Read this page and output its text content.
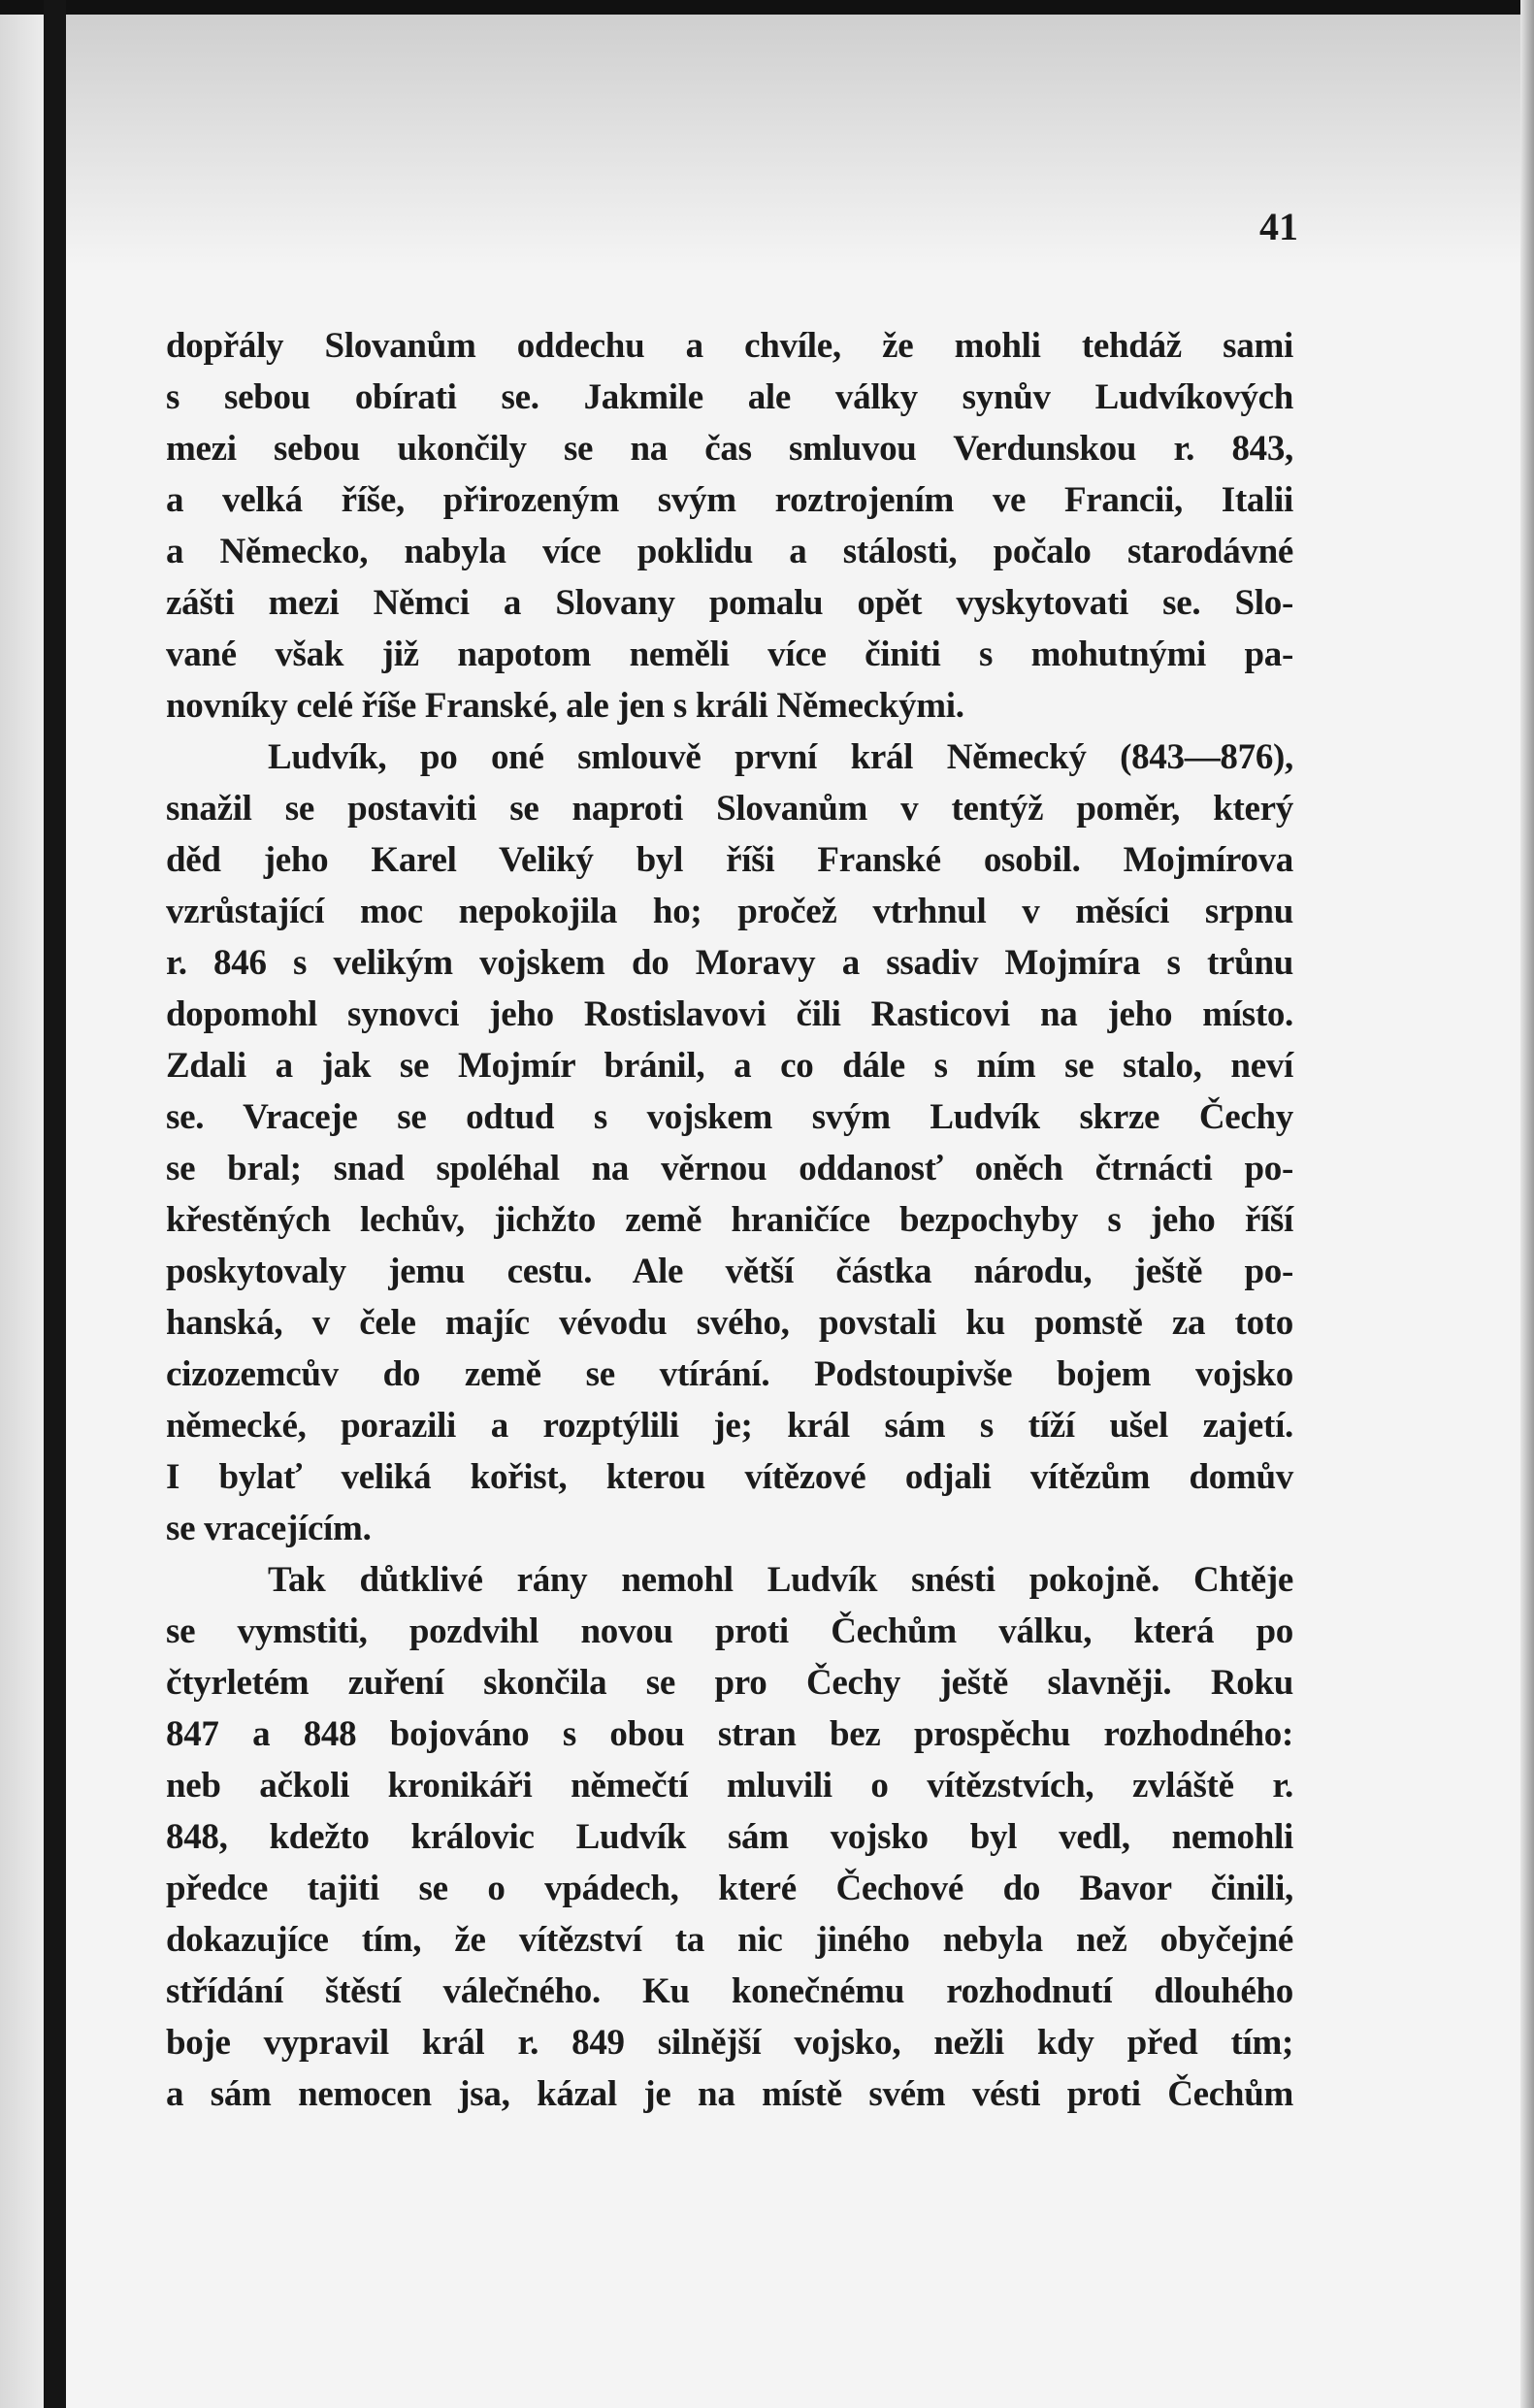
41
dopřály Slovanům oddechu a chvíle, že mohli tehdáž sami
s sebou obírati se. Jakmile ale války synův Ludvíkových
mezi sebou ukončily se na čas smluvou Verdunskou r. 843,
a velká říše, přirozeným svým roztrojením ve Francii, Italii
a Německo, nabyla více poklidu a stálosti, počalo starodávné
zášti mezi Němci a Slovany pomalu opět vyskytovati se. Slo-
vané však již napotom neměli více činiti s mohutnými pa-
novníky celé říše Franské, ale jen s králi Německými.
Ludvík, po oné smlouvě první král Německý (843—876),
snažil se postaviti se naproti Slovanům v tentýž poměr, který
děd jeho Karel Veliký byl říši Franské osobil. Mojmírova
vzrůstající moc nepokojila ho; pročež vtrhnul v měsíci srpnu
r. 846 s velikým vojskem do Moravy a ssadiv Mojmíra s trůnu
dopomohl synovci jeho Rostislavovi čili Rasticovi na jeho místo.
Zdali a jak se Mojmír bránil, a co dále s ním se stalo, neví
se. Vraceje se odtud s vojskem svým Ludvík skrze Čechy
se bral; snad spoléhal na věrnou oddanosť oněch čtrnácti po-
křestěných lechův, jichžto země hraničíce bezpochyby s jeho říší
poskytovaly jemu cestu. Ale větší částka národu, ještě po-
hanská, v čele majíc vévodu svého, povstali ku pomstě za toto
cizozemcův do země se vtírání. Podstoupivše bojem vojsko
německé, porazili a rozptýlili je; král sám s tíží ušel zajetí.
I bylať veliká kořist, kterou vítězové odjali vítězům domův
se vracejícím.
Tak důtklivé rány nemohl Ludvík snésti pokojně. Chtěje
se vymstiti, pozdvihl novou proti Čechům válku, která po
čtyrletém zuření skončila se pro Čechy ještě slavněji. Roku
847 a 848 bojováno s obou stran bez prospěchu rozhodného:
neb ačkoli kronikáři němečtí mluvili o vítězstvích, zvláště r.
848, kdežto královic Ludvík sám vojsko byl vedl, nemohli
předce tajiti se o vpádech, které Čechové do Bavor činili,
dokazujíce tím, že vítězství ta nic jiného nebyla než obyčejné
střídání štěstí válečného. Ku konečnému rozhodnutí dlouhého
boje vypravil král r. 849 silnější vojsko, nežli kdy před tím;
a sám nemocen jsa, kázal je na místě svém vésti proti Čechům
